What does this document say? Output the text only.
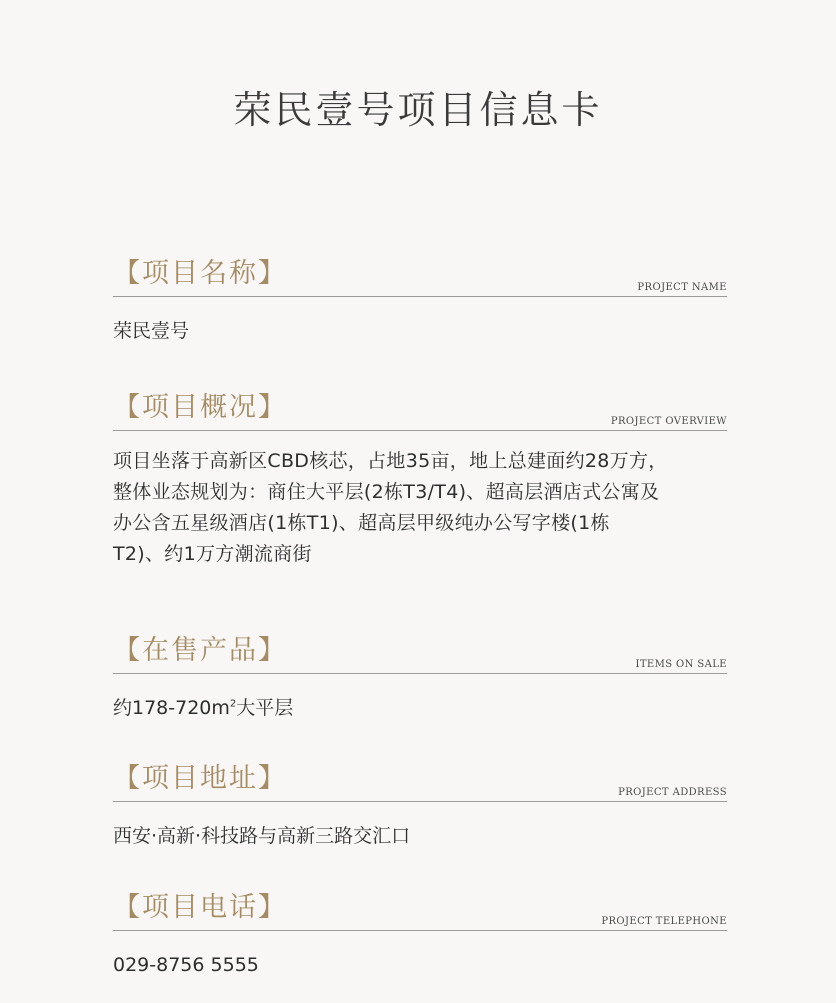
荣民壹号项目信息卡
【项目名称】	PROJECT NAME
荣民壹号
【项目概况】	PROJECT OVERVIEW
项目坐落于高新区CBD核芯，占地35亩，地上总建面约28万方，
整体业态规划为：商住大平层(2栋T3/T4)、超高层酒店式公寓及
办公含五星级酒店(1栋T1)、超高层甲级纯办公写字楼(1栋
T2)、约1万方潮流商街
【在售产品】	ITEMS ON SALE
约$178-720m^2$大平层
【项目地址】	PROJECT ADDRESS
西安·高新·科技路与高新三路交汇口
【项目电话】	PROJECT TELEPHONE
029-8756 5555
